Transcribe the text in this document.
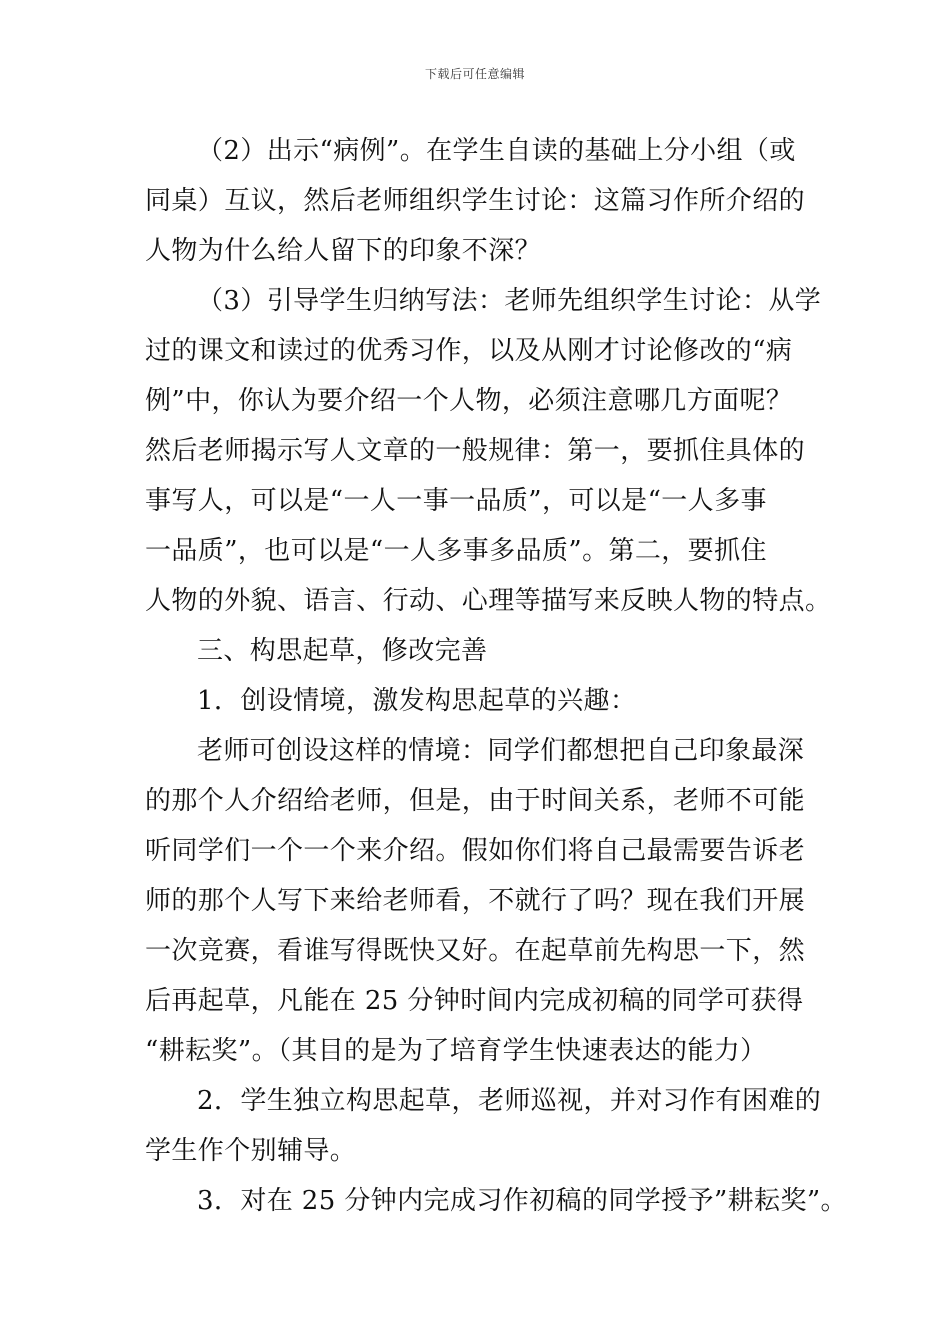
下载后可任意编辑
（2）出示“病例”。在学生自读的基础上分小组（或
同桌）互议，然后老师组织学生讨论：这篇习作所介绍的
人物为什么给人留下的印象不深？
（3）引导学生归纳写法：老师先组织学生讨论：从学
过的课文和读过的优秀习作，以及从刚才讨论修改的“病
例”中，你认为要介绍一个人物，必须注意哪几方面呢？
然后老师揭示写人文章的一般规律：第一，要抓住具体的
事写人，可以是“一人一事一品质”，可以是“一人多事
一品质”，也可以是“一人多事多品质”。第二，要抓住
人物的外貌、语言、行动、心理等描写来反映人物的特点。
三、构思起草，修改完善
1．创设情境，激发构思起草的兴趣：
老师可创设这样的情境：同学们都想把自己印象最深
的那个人介绍给老师，但是，由于时间关系，老师不可能
听同学们一个一个来介绍。假如你们将自己最需要告诉老
师的那个人写下来给老师看，不就行了吗？现在我们开展
一次竞赛，看谁写得既快又好。在起草前先构思一下，然
后再起草，凡能在 25 分钟时间内完成初稿的同学可获得
“耕耘奖”。（其目的是为了培育学生快速表达的能力）
2．学生独立构思起草，老师巡视，并对习作有困难的
学生作个别辅导。
3．对在 25 分钟内完成习作初稿的同学授予”耕耘奖”。
